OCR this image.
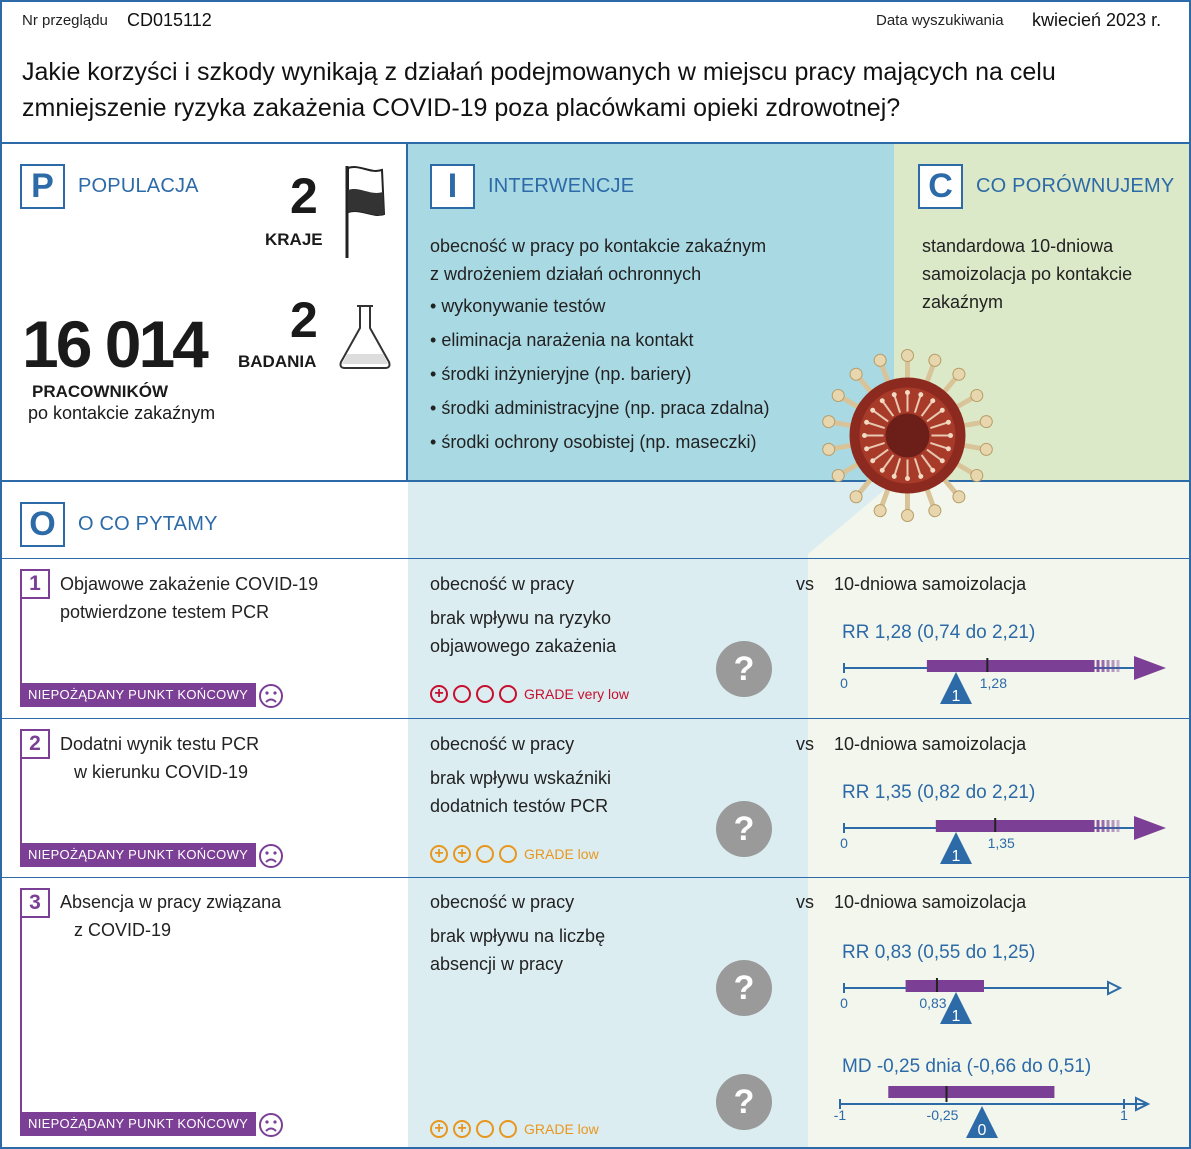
Nr przeglądu CD015112	Data wyszukiwania kwiecień 2023 r.
Jakie korzyści i szkody wynikają z działań podejmowanych w miejscu pracy mających na celu
zmniejszenie ryzyka zakażenia COVID-19 poza placówkami opieki zdrowotnej?
P	POPULACJA 2
KRAJE
2
BADANIA
16 014
PRACOWNIKÓW
po kontakcie zakaźnym
I	INTERWENCJE
obecność w pracy po kontakcie zakaźnym
z wdrożeniem działań ochronnych
• wykonywanie testów
• eliminacja narażenia na kontakt
• środki inżynieryjne (np. bariery)
• środki administracyjne (np. praca zdalna)
• środki ochrony osobistej (np. maseczki)
C	CO PORÓWNUJEMY
standardowa 10-dniowa
samoizolacja po kontakcie
zakaźnym
O	O CO PYTAMY
1	Objawowe zakażenie COVID-19
potwierdzone testem PCR
NIEPOŻĄDANY PUNKT KOŃCOWY
obecność w pracy	vs 10-dniowa samoizolacja
brak wpływu na ryzyko
objawowego zakażenia
?
+	GRADE very low
RR 1,28 (0,74 do 2,21)
1
0	1,28
2	Dodatni wynik testu PCR
w kierunku COVID-19
NIEPOŻĄDANY PUNKT KOŃCOWY
obecność w pracy	vs 10-dniowa samoizolacja
brak wpływu wskaźniki
dodatnich testów PCR
?
+ +	GRADE low
RR 1,35 (0,82 do 2,21)
1
0	1,35
3	Absencja w pracy związana
z COVID-19
NIEPOŻĄDANY PUNKT KOŃCOWY
obecność w pracy	vs 10-dniowa samoizolacja
brak wpływu na liczbę
absencji w pracy
?
?
+ +	GRADE low
RR 0,83 (0,55 do 1,25)
1
0	0,83
MD -0,25 dnia (-0,66 do 0,51)
0
-1	1
-0,25
